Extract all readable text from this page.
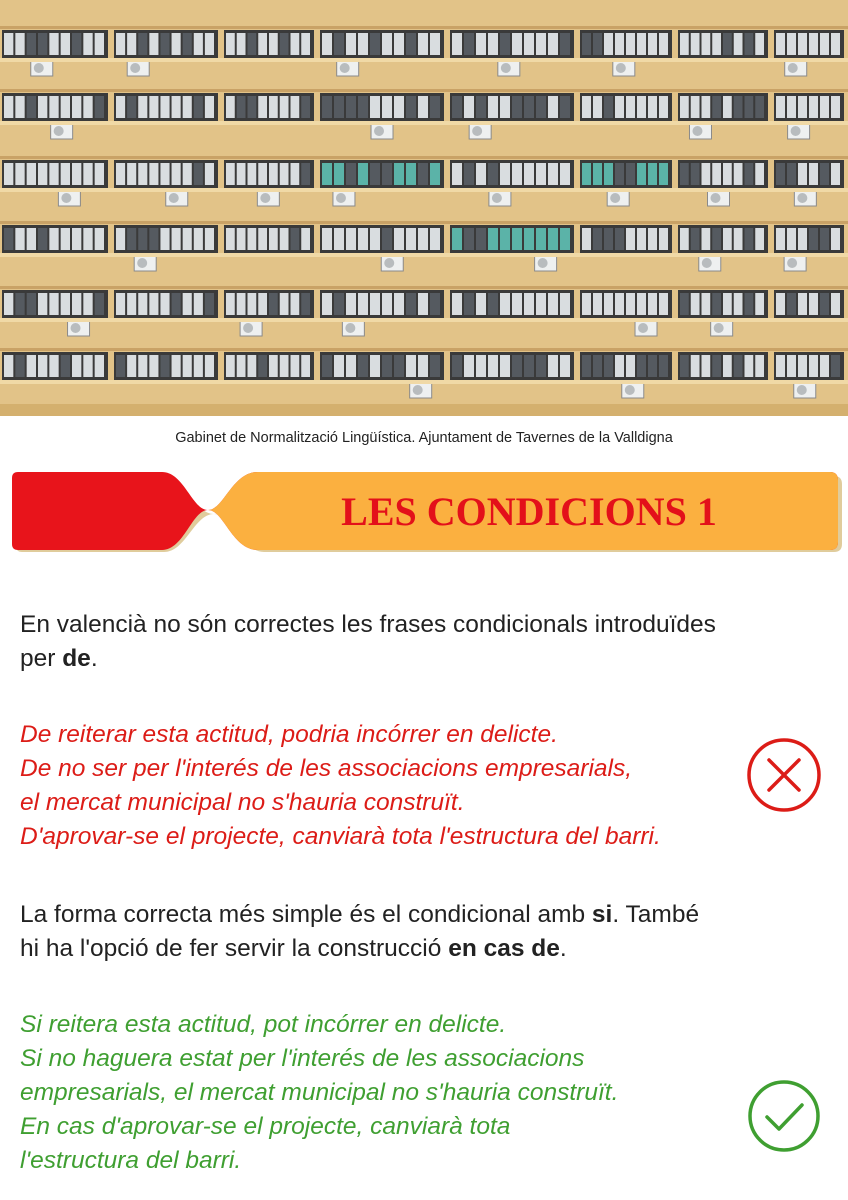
Gabinet de Normalització Lingüística. Ajuntament de Tavernes de la Valldigna
LES CONDICIONS 1
En valencià no són correctes les frases condicionals introduïdes
per de.
De reiterar esta actitud, podria incórrer en delicte.
De no ser per l'interés de les associacions empresarials,
el mercat municipal no s'hauria construït.
D'aprovar-se el projecte, canviarà tota l'estructura del barri.
La forma correcta més simple és el condicional amb si. També
hi ha l'opció de fer servir la construcció en cas de.
Si reitera esta actitud, pot incórrer en delicte.
Si no haguera estat per l'interés de les associacions
empresarials, el mercat municipal no s'hauria construït.
En cas d'aprovar-se el projecte, canviarà tota
l'estructura del barri.
